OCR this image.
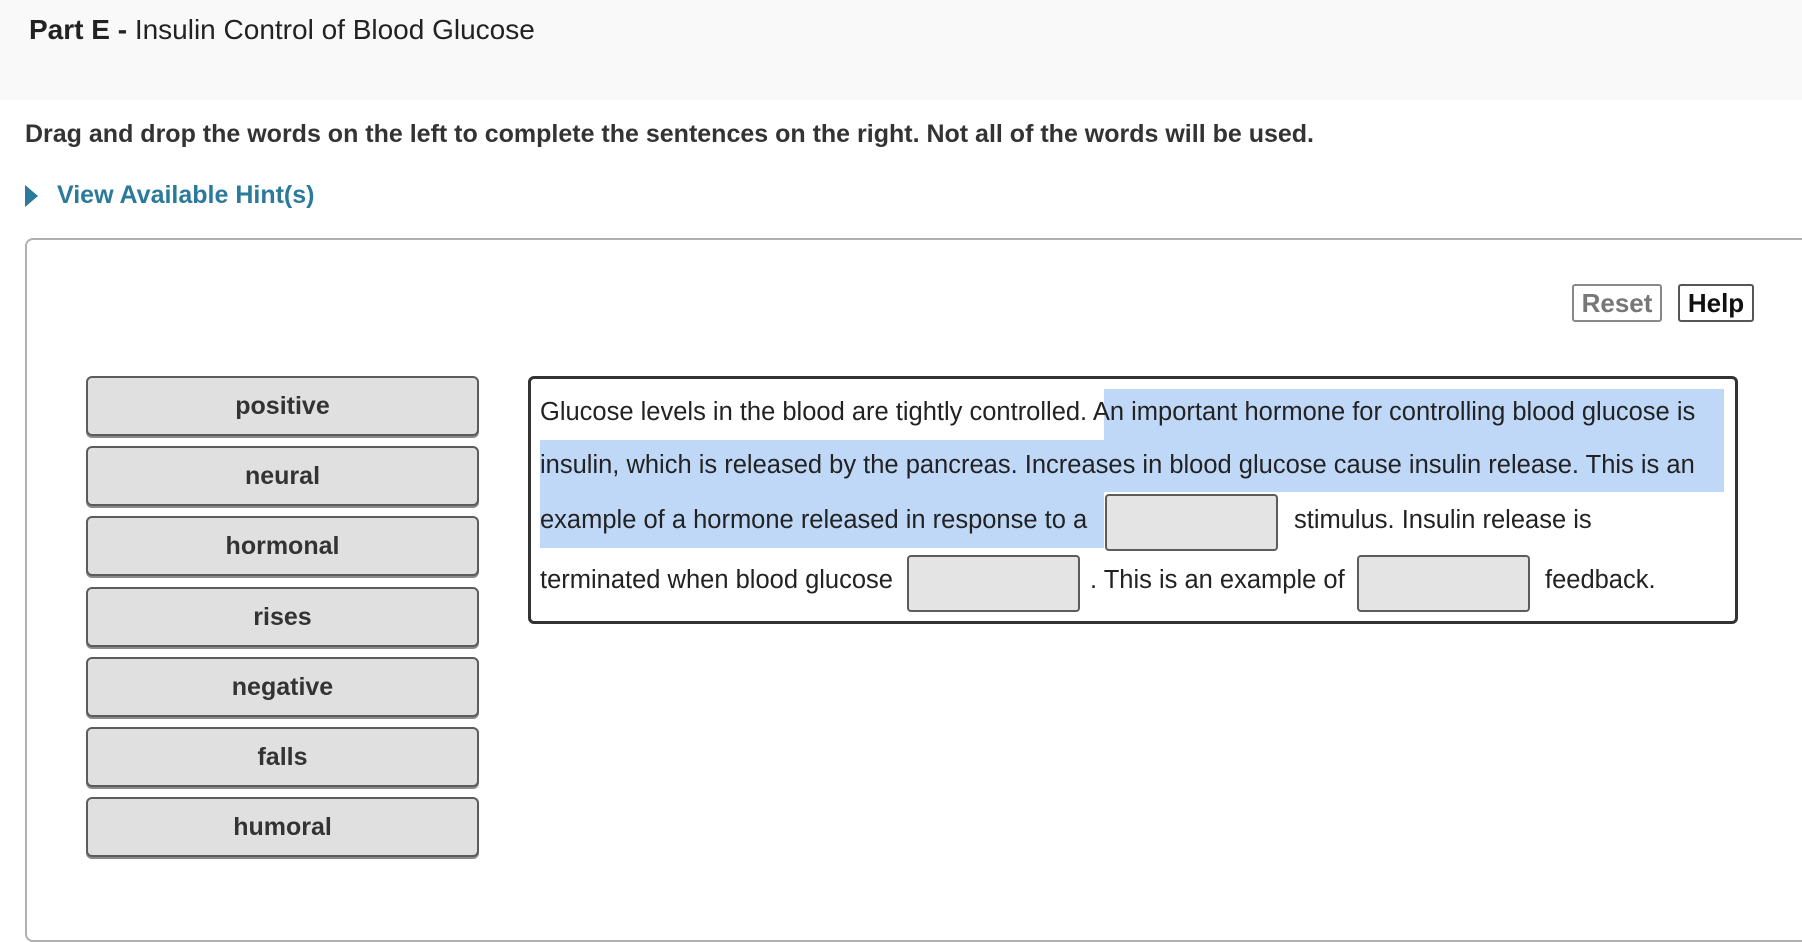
Part E - Insulin Control of Blood Glucose
Drag and drop the words on the left to complete the sentences on the right. Not all of the words will be used.
View Available Hint(s)
Reset	Help
positive
neural
hormonal
rises
negative
falls
humoral
Glucose levels in the blood are tightly controlled. An important hormone for controlling blood glucose is
insulin, which is released by the pancreas. Increases in blood glucose cause insulin release. This is an
example of a hormone released in response to a	stimulus. Insulin release is
terminated when blood glucose	. This is an example of	feedback.
